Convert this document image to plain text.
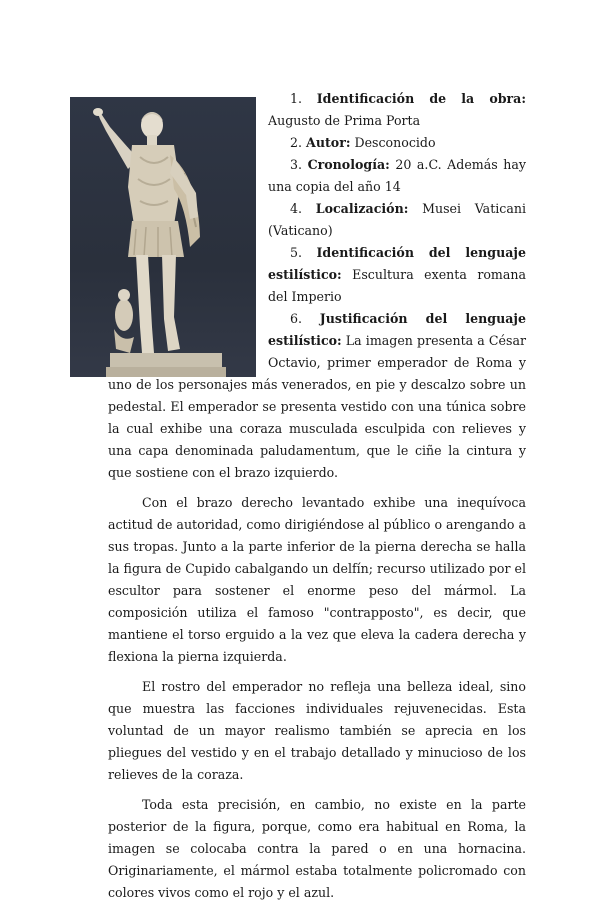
1. Identificación de la obra: Augusto de Prima Porta

2. Autor: Desconocido

3. Cronología: 20 a.C. Además hay una copia del año 14

4. Localización: Musei Vaticani (Vaticano)

5. Identificación del lenguaje estilístico: Escultura exenta romana del Imperio

6. Justificación del lenguaje estilístico: La imagen presenta a César Octavio, primer emperador de Roma y uno de los personajes más venerados, en pie y descalzo sobre un pedestal. El emperador se presenta vestido con una túnica sobre la cual exhibe una coraza musculada esculpida con relieves y una capa denominada paludamentum, que le ciñe la cintura y que sostiene con el brazo izquierdo.

Con el brazo derecho levantado exhibe una inequívoca actitud de autoridad, como dirigiéndose al público o arengando a sus tropas. Junto a la parte inferior de la pierna derecha se halla la figura de Cupido cabalgando un delfín; recurso utilizado por el escultor para sostener el enorme peso del mármol. La composición utiliza el famoso "contrapposto", es decir, que mantiene el torso erguido a la vez que eleva la cadera derecha y flexiona la pierna izquierda.

El rostro del emperador no refleja una belleza ideal, sino que muestra las facciones individuales rejuvenecidas. Esta voluntad de un mayor realismo también se aprecia en los pliegues del vestido y en el trabajo detallado y minucioso de los relieves de la coraza.

Toda esta precisión, en cambio, no existe en la parte posterior de la figura, porque, como era habitual en Roma, la imagen se colocaba contra la pared o en una hornacina. Originariamente, el mármol estaba totalmente policromado con colores vivos como el rojo y el azul.
